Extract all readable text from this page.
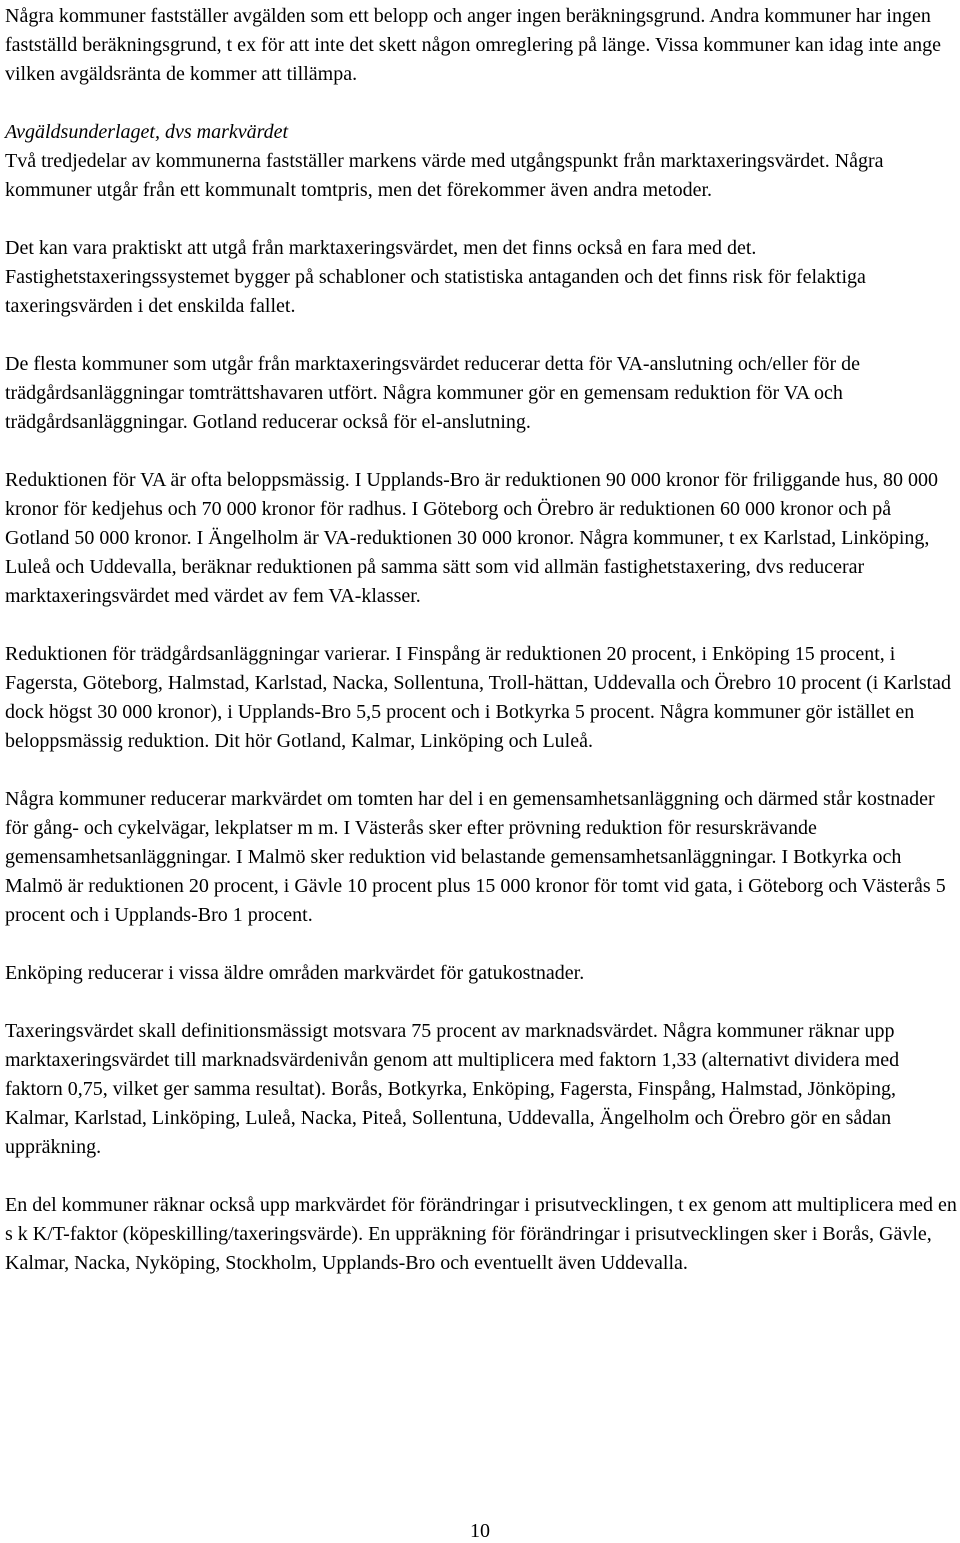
Några kommuner fastställer avgälden som ett belopp och anger ingen beräkningsgrund. Andra kommuner har ingen fastställd beräkningsgrund, t ex för att inte det skett någon omreglering på länge. Vissa kommuner kan idag inte ange vilken avgäldsränta de kommer att tillämpa.

Avgäldsunderlaget, dvs markvärdet

Två tredjedelar av kommunerna fastställer markens värde med utgångspunkt från marktaxeringsvärdet. Några kommuner utgår från ett kommunalt tomtpris, men det förekommer även andra metoder.

Det kan vara praktiskt att utgå från marktaxeringsvärdet, men det finns också en fara med det. Fastighetstaxeringssystemet bygger på schabloner och statistiska antaganden och det finns risk för felaktiga taxeringsvärden i det enskilda fallet.

De flesta kommuner som utgår från marktaxeringsvärdet reducerar detta för VA-anslutning och/eller för de trädgårdsanläggningar tomträttshavaren utfört. Några kommuner gör en gemensam reduktion för VA och trädgårdsanläggningar. Gotland reducerar också för el-anslutning.

Reduktionen för VA är ofta beloppsmässig. I Upplands-Bro är reduktionen 90 000 kronor för friliggande hus, 80 000 kronor för kedjehus och 70 000 kronor för radhus. I Göteborg och Örebro är reduktionen 60 000 kronor och på Gotland 50 000 kronor. I Ängelholm är VA-reduktionen 30 000 kronor. Några kommuner, t ex Karlstad, Linköping, Luleå och Uddevalla, beräknar reduktionen på samma sätt som vid allmän fastighetstaxering, dvs reducerar marktaxeringsvärdet med värdet av fem VA-klasser.

Reduktionen för trädgårdsanläggningar varierar. I Finspång är reduktionen 20 procent, i Enköping 15 procent, i Fagersta, Göteborg, Halmstad, Karlstad, Nacka, Sollentuna, Troll-hättan, Uddevalla och Örebro 10 procent (i Karlstad dock högst 30 000 kronor), i Upplands-Bro 5,5 procent och i Botkyrka 5 procent. Några kommuner gör istället en beloppsmässig reduktion. Dit hör Gotland, Kalmar, Linköping och Luleå.

Några kommuner reducerar markvärdet om tomten har del i en gemensamhetsanläggning och därmed står kostnader för gång- och cykelvägar, lekplatser m m. I Västerås sker efter prövning reduktion för resurskrävande gemensamhetsanläggningar. I Malmö sker reduktion vid belastande gemensamhetsanläggningar. I Botkyrka och Malmö är reduktionen 20 procent, i Gävle 10 procent plus 15 000 kronor för tomt vid gata, i Göteborg och Västerås 5 procent och i Upplands-Bro 1 procent.

Enköping reducerar i vissa äldre områden markvärdet för gatukostnader.

Taxeringsvärdet skall definitionsmässigt motsvara 75 procent av marknadsvärdet. Några kommuner räknar upp marktaxeringsvärdet till marknadsvärdenivån genom att multiplicera med faktorn 1,33 (alternativt dividera med faktorn 0,75, vilket ger samma resultat). Borås, Botkyrka, Enköping, Fagersta, Finspång, Halmstad, Jönköping, Kalmar, Karlstad, Linköping, Luleå, Nacka, Piteå, Sollentuna, Uddevalla, Ängelholm och Örebro gör en sådan uppräkning.

En del kommuner räknar också upp markvärdet för förändringar i prisutvecklingen, t ex genom att multiplicera med en s k K/T-faktor (köpeskilling/taxeringsvärde). En uppräkning för förändringar i prisutvecklingen sker i Borås, Gävle, Kalmar, Nacka, Nyköping, Stockholm, Upplands-Bro och eventuellt även Uddevalla.

10
